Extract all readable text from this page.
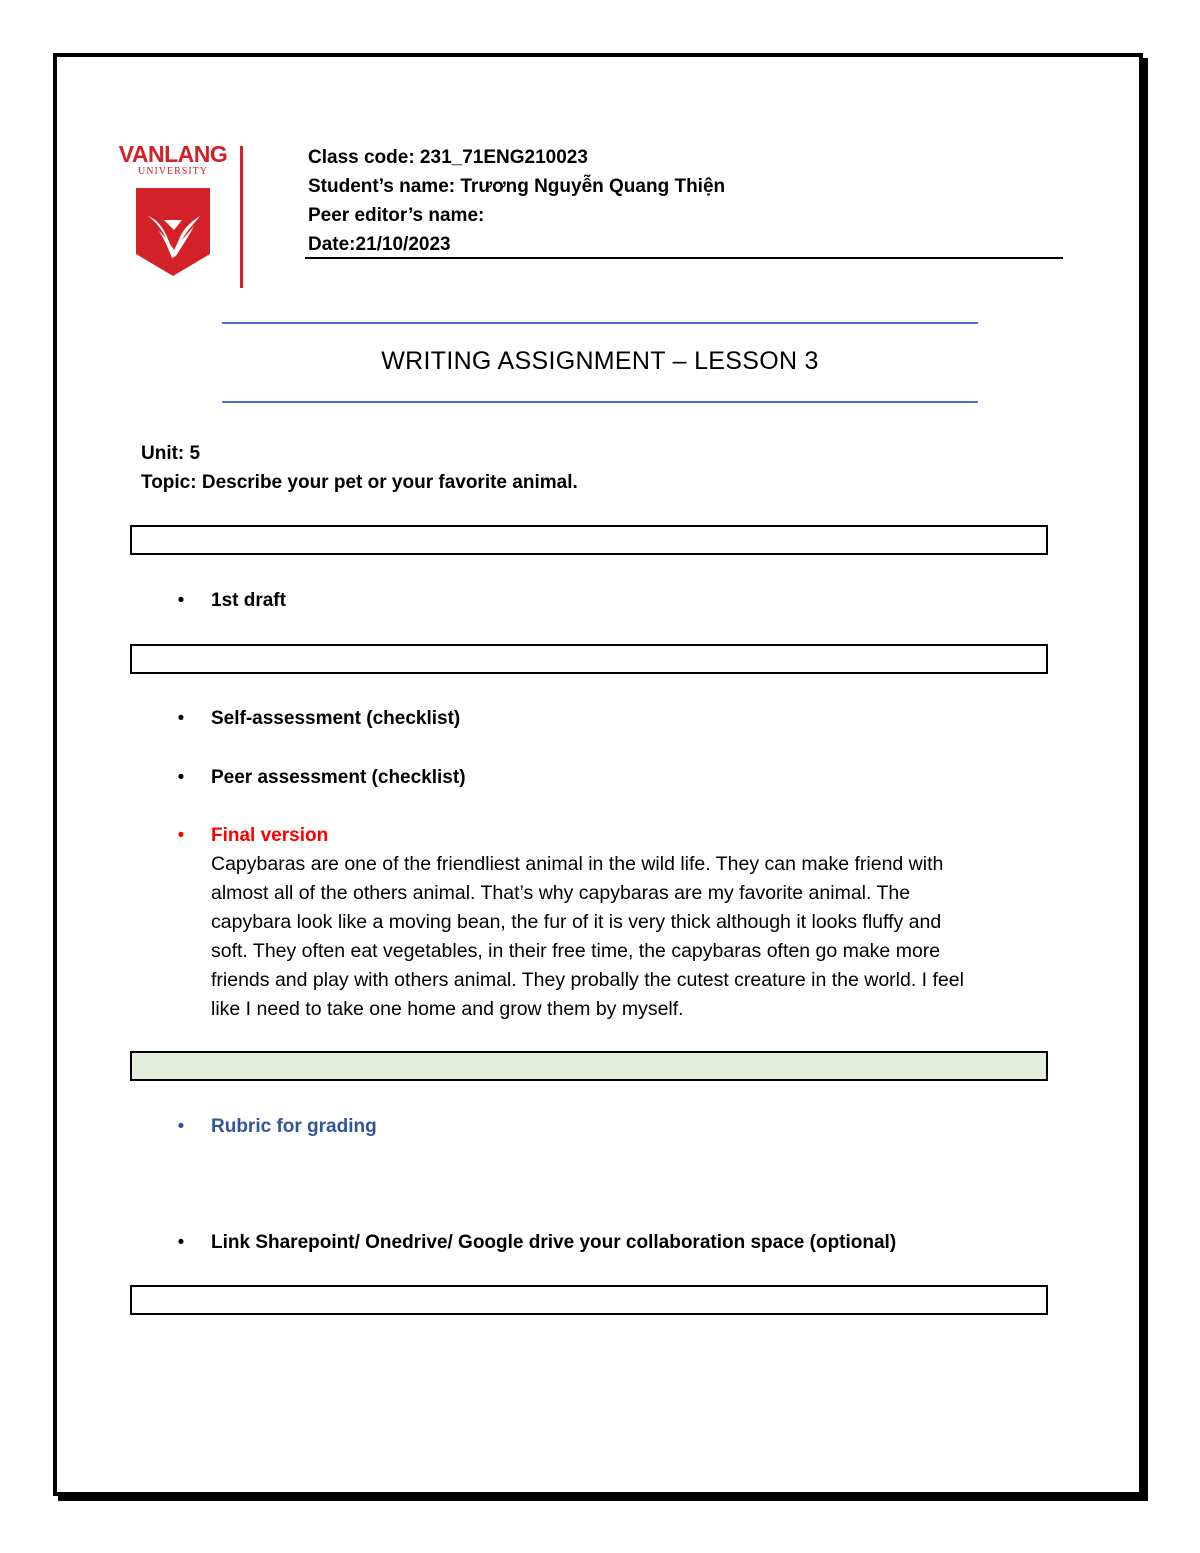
VANLANG
UNIVERSITY
Class code: 231_71ENG210023
Student’s name: Trương Nguyễn Quang Thiện
Peer editor’s name:
Date:21/10/2023
WRITING ASSIGNMENT – LESSON 3
Unit: 5
Topic: Describe your pet or your favorite animal.
• 1st draft
• Self-assessment (checklist)
• Peer assessment (checklist)
• Final version
Capybaras are one of the friendliest animal in the wild life. They can make friend with
almost all of the others animal. That’s why capybaras are my favorite animal. The
capybara look like a moving bean, the fur of it is very thick although it looks fluffy and
soft. They often eat vegetables, in their free time, the capybaras often go make more
friends and play with others animal. They probally the cutest creature in the world. I feel
like I need to take one home and grow them by myself.
• Rubric for grading
• Link Sharepoint/ Onedrive/ Google drive your collaboration space (optional)
